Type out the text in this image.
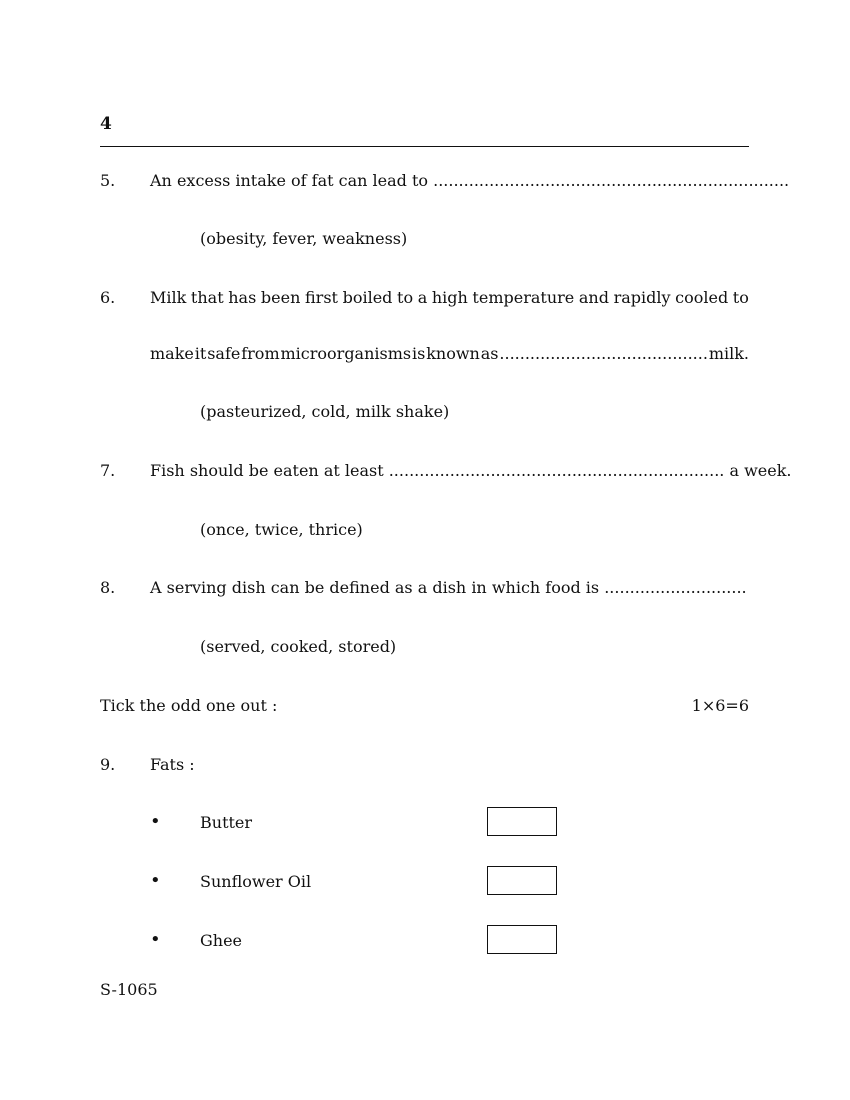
4
5. An excess intake of fat can lead to ......................................................................
(obesity, fever, weakness)
6. Milk that has been first boiled to a high temperature and rapidly cooled to
make it safe from microorganisms is known as ......................................... milk.
(pasteurized, cold, milk shake)
7. Fish should be eaten at least .................................................................. a week.
(once, twice, thrice)
8. A serving dish can be defined as a dish in which food is ............................
(served, cooked, stored)
Tick the odd one out :	1×6=6
9. Fats :
• Butter
• Sunflower Oil
• Ghee
S-1065
